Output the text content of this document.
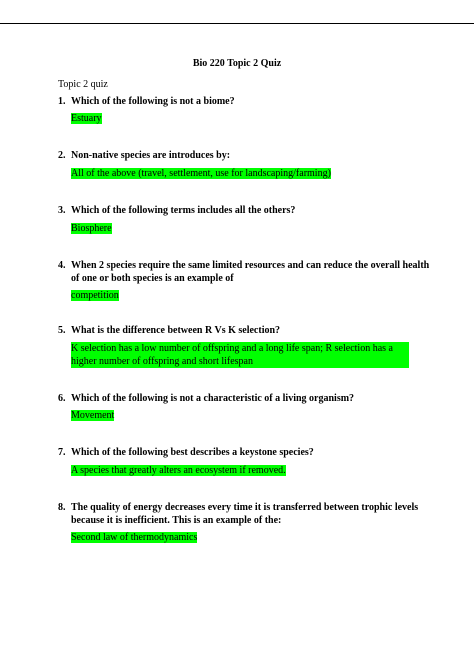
Bio 220 Topic 2 Quiz
Topic 2 quiz
1. Which of the following is not a biome?
Estuary
2. Non-native species are introduces by:
All of the above (travel, settlement, use for landscaping/farming)
3. Which of the following terms includes all the others?
Biosphere
4. When 2 species require the same limited resources and can reduce the overall health of one or both species is an example of
competition
5. What is the difference between R Vs K selection?
K selection has a low number of offspring and a long life span; R selection has a higher number of offspring and short lifespan
6. Which of the following is not a characteristic of a living organism?
Movement
7. Which of the following best describes a keystone species?
A species that greatly alters an ecosystem if removed.
8. The quality of energy decreases every time it is transferred between trophic levels because it is inefficient. This is an example of the:
Second law of thermodynamics
